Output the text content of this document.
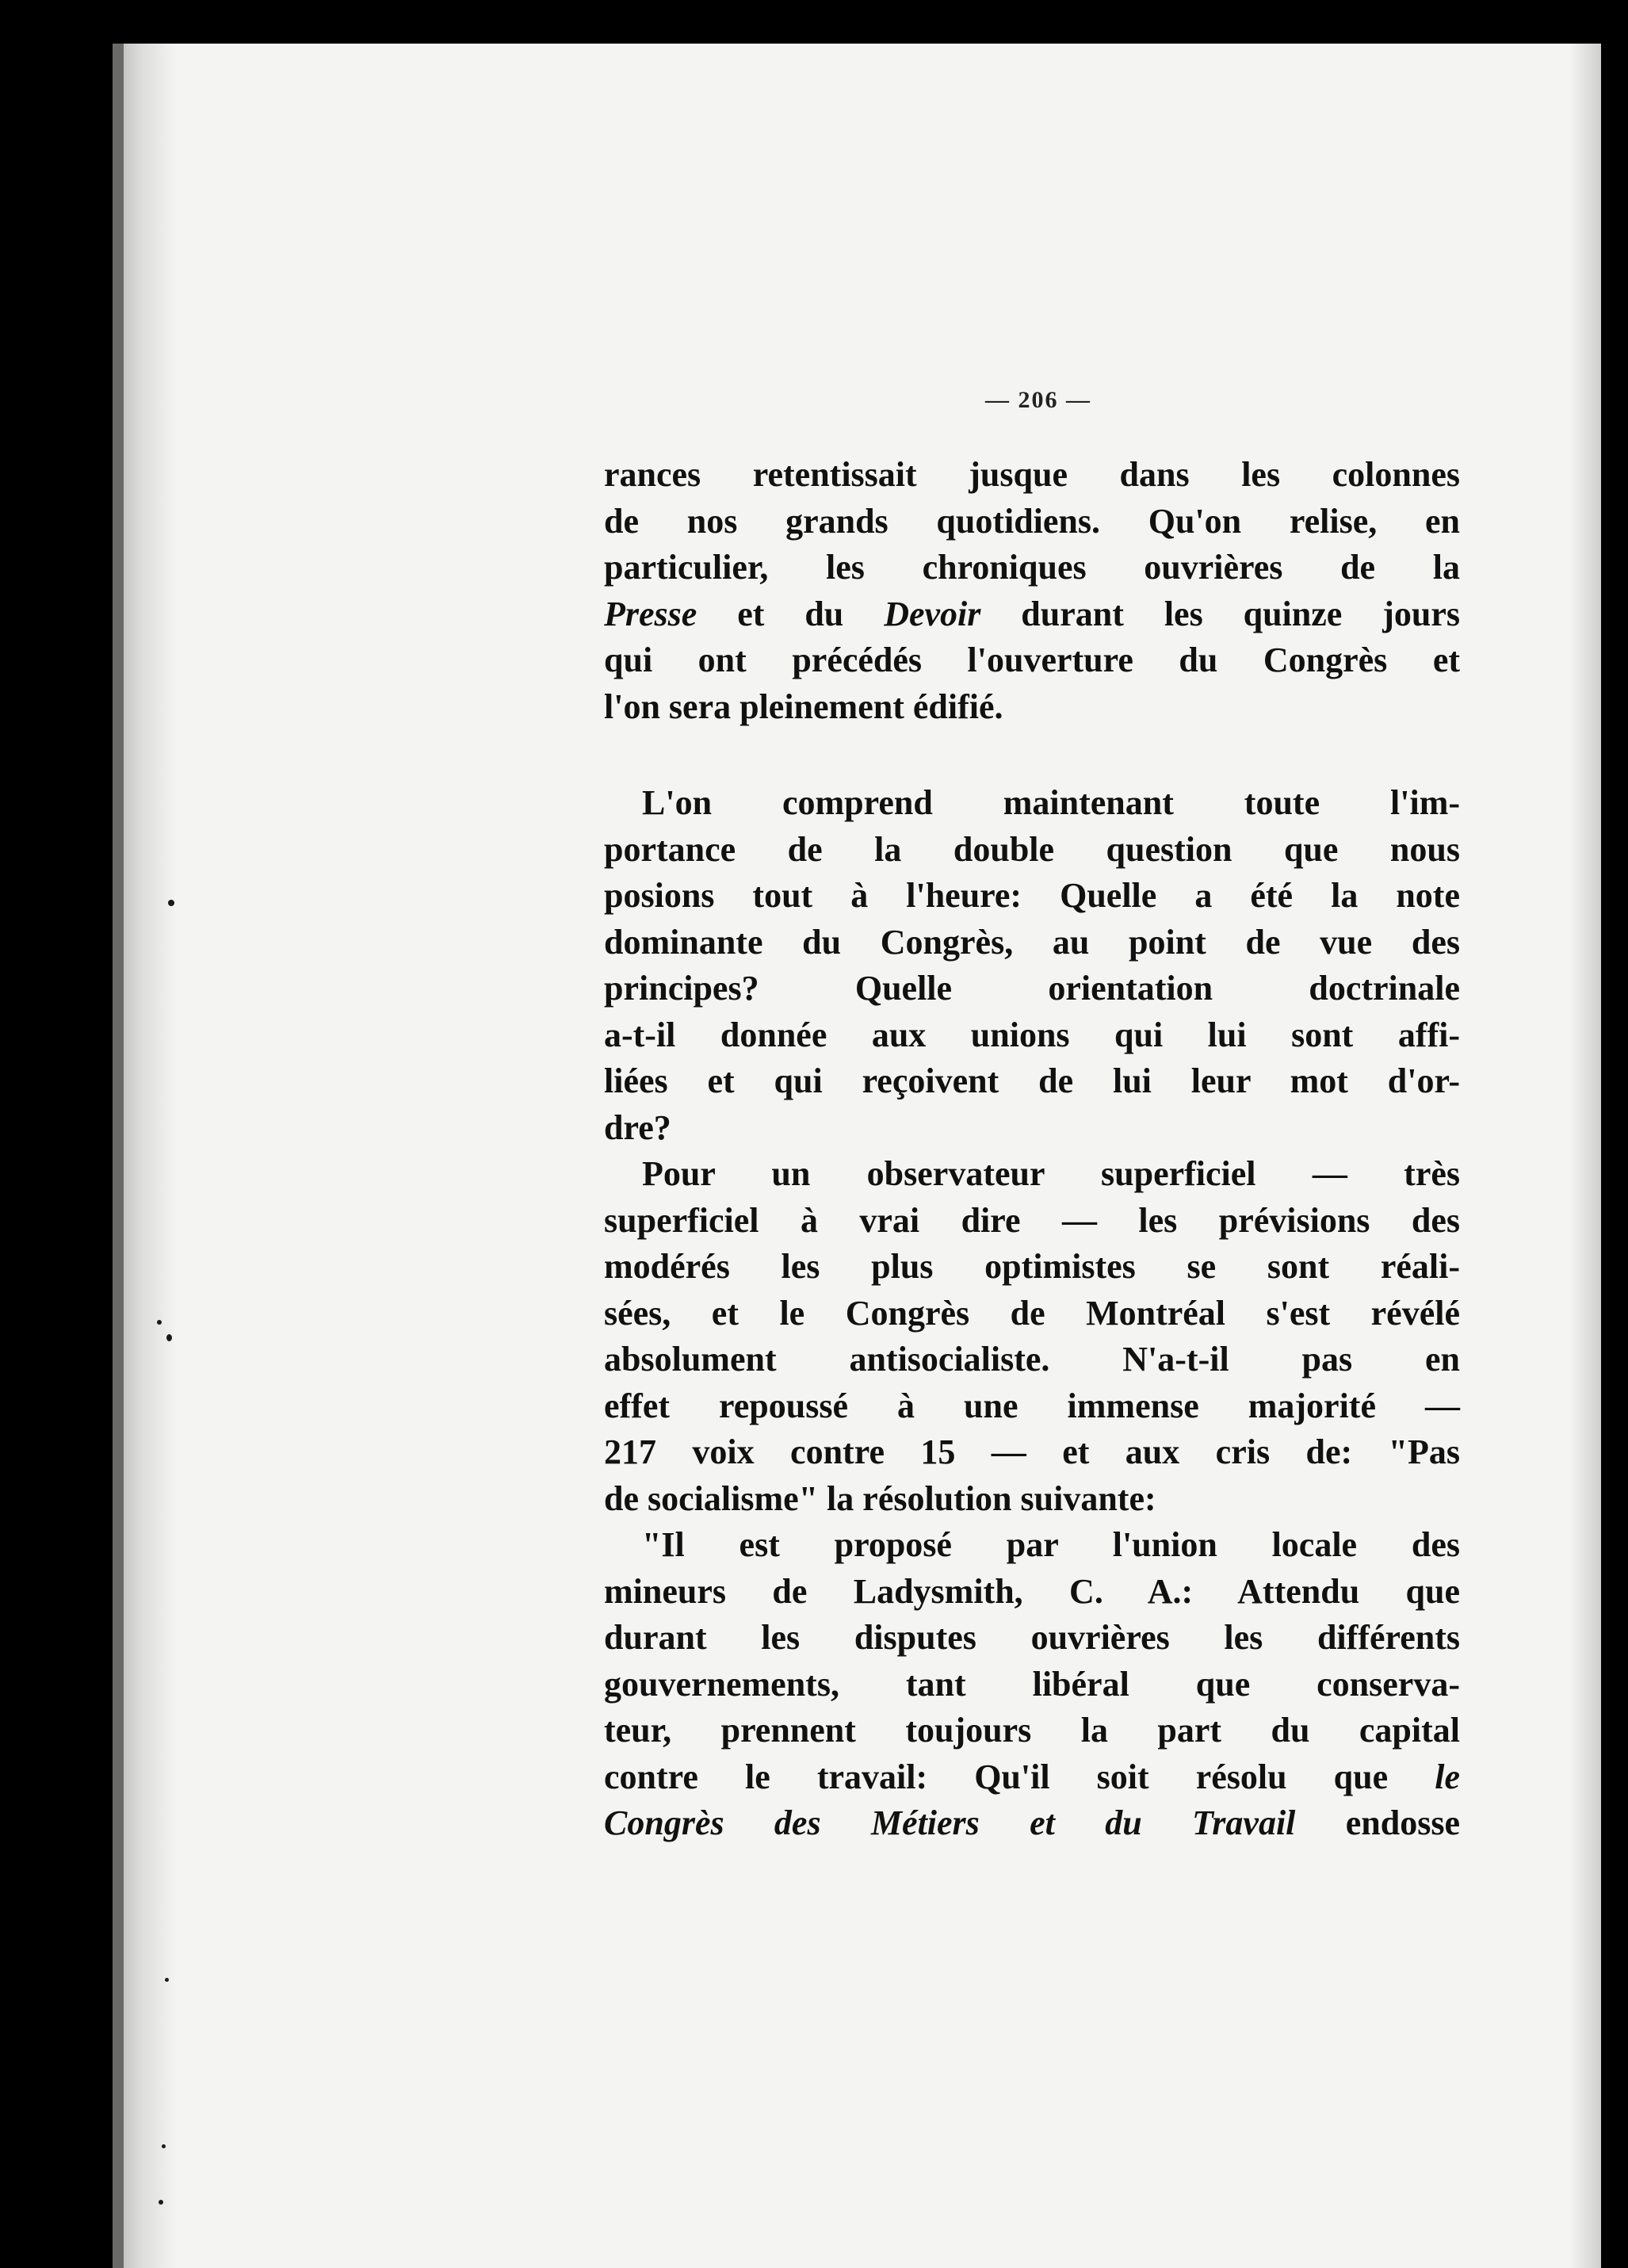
— 206 —

rances retentissait jusque dans les colonnes
de nos grands quotidiens. Qu'on relise, en
particulier, les chroniques ouvrières de la
Presse et du Devoir durant les quinze jours
qui ont précédés l'ouverture du Congrès et
l'on sera pleinement édifié.

L'on comprend maintenant toute l'im-
portance de la double question que nous
posions tout à l'heure: Quelle a été la note
dominante du Congrès, au point de vue des
principes? Quelle orientation doctrinale
a-t-il donnée aux unions qui lui sont affi-
liées et qui reçoivent de lui leur mot d'or-
dre?

Pour un observateur superficiel — très
superficiel à vrai dire — les prévisions des
modérés les plus optimistes se sont réali-
sées, et le Congrès de Montréal s'est révélé
absolument antisocialiste. N'a-t-il pas en
effet repoussé à une immense majorité —
217 voix contre 15 — et aux cris de: "Pas
de socialisme" la résolution suivante:

"Il est proposé par l'union locale des
mineurs de Ladysmith, C. A.: Attendu que
durant les disputes ouvrières les différents
gouvernements, tant libéral que conserva-
teur, prennent toujours la part du capital
contre le travail: Qu'il soit résolu que le
Congrès des Métiers et du Travail endosse
